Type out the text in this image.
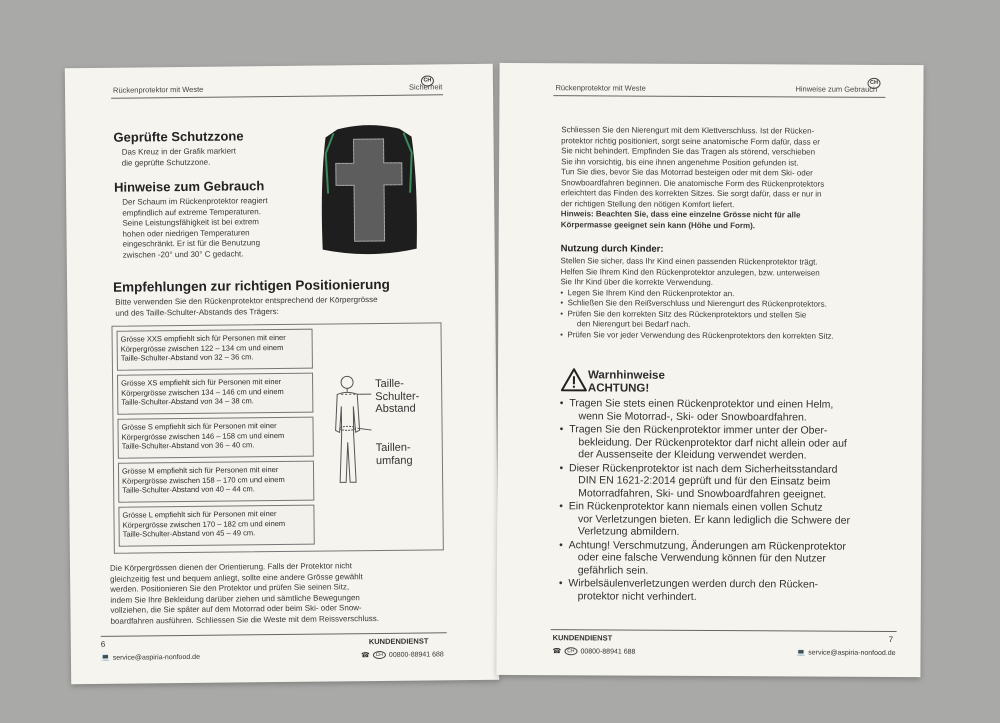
Rückenprotektor mit Weste	Sicherheit
CH
Geprüfte Schutzzone
Das Kreuz in der Grafik markiert
die geprüfte Schutzzone.
Hinweise zum Gebrauch
Der Schaum im Rückenprotektor reagiert
empfindlich auf extreme Temperaturen.
Seine Leistungsfähigkeit ist bei extrem
hohen oder niedrigen Temperaturen
eingeschränkt. Er ist für die Benutzung
zwischen -20° und 30° C gedacht.
Empfehlungen zur richtigen Positionierung
Bitte verwenden Sie den Rückenprotektor entsprechend der Körpergrösse
und des Taille-Schulter-Abstands des Trägers:
Grösse XXS empfiehlt sich für Personen mit einer
Körpergrösse zwischen 122 – 134 cm und einem
Taille-Schulter-Abstand von 32 – 36 cm.
Grösse XS empfiehlt sich für Personen mit einer
Körpergrösse zwischen 134 – 146 cm und einem
Taille-Schulter-Abstand von 34 – 38 cm.
Grösse S empfiehlt sich für Personen mit einer
Körpergrösse zwischen 146 – 158 cm und einem
Taille-Schulter-Abstand von 36 – 40 cm.
Grösse M empfiehlt sich für Personen mit einer
Körpergrösse zwischen 158 – 170 cm und einem
Taille-Schulter-Abstand von 40 – 44 cm.
Grösse L empfiehlt sich für Personen mit einer
Körpergrösse zwischen 170 – 182 cm und einem
Taille-Schulter-Abstand von 45 – 49 cm.
Taille-
Schulter-
Abstand
Taillen-
umfang
Die Körpergrössen dienen der Orientierung. Falls der Protektor nicht
gleichzeitig fest und bequem anliegt, sollte eine andere Grösse gewählt
werden. Positionieren Sie den Protektor und prüfen Sie seinen Sitz,
indem Sie Ihre Bekleidung darüber ziehen und sämtliche Bewegungen
vollziehen, die Sie später auf dem Motorrad oder beim Ski- oder Snow-
boardfahren ausführen. Schliessen Sie die Weste mit dem Reissverschluss.
6	KUNDENDIENST
💻 service@aspiria-nonfood.de	☎	CH 00800-88941 688
Rückenprotektor mit Weste	Hinweise zum Gebrauch
CH
Schliessen Sie den Nierengurt mit dem Klettverschluss. Ist der Rücken-
protektor richtig positioniert, sorgt seine anatomische Form dafür, dass er
Sie nicht behindert. Empfinden Sie das Tragen als störend, verschieben
Sie ihn vorsichtig, bis eine ihnen angenehme Position gefunden ist.
Tun Sie dies, bevor Sie das Motorrad besteigen oder mit dem Ski- oder
Snowboardfahren beginnen. Die anatomische Form des Rückenprotektors
erleichtert das Finden des korrekten Sitzes. Sie sorgt dafür, dass er nur in
der richtigen Stellung den nötigen Komfort liefert.
Hinweis: Beachten Sie, dass eine einzelne Grösse nicht für alle
Körpermasse geeignet sein kann (Höhe und Form).
Nutzung durch Kinder:
Stellen Sie sicher, dass Ihr Kind einen passenden Rückenprotektor trägt.
Helfen Sie Ihrem Kind den Rückenprotektor anzulegen, bzw. unterweisen
Sie Ihr Kind über die korrekte Verwendung.
•  Legen Sie Ihrem Kind den Rückenprotektor an.
•  Schließen Sie den Reißverschluss und Nierengurt des Rückenprotektors.
•  Prüfen Sie den korrekten Sitz des Rückenprotektors und stellen Sie
den Nierengurt bei Bedarf nach.
•  Prüfen Sie vor jeder Verwendung des Rückenprotektors den korrekten Sitz.
Warnhinweise
ACHTUNG!
•  Tragen Sie stets einen Rückenprotektor und einen Helm,
wenn Sie Motorrad-, Ski- oder Snowboardfahren.
•  Tragen Sie den Rückenprotektor immer unter der Ober-
bekleidung. Der Rückenprotektor darf nicht allein oder auf
der Aussenseite der Kleidung verwendet werden.
•  Dieser Rückenprotektor ist nach dem Sicherheitsstandard
DIN EN 1621-2:2014 geprüft und für den Einsatz beim
Motorradfahren, Ski- und Snowboardfahren geeignet.
•  Ein Rückenprotektor kann niemals einen vollen Schutz
vor Verletzungen bieten. Er kann lediglich die Schwere der
Verletzung abmildern.
•  Achtung! Verschmutzung, Änderungen am Rückenprotektor
oder eine falsche Verwendung können für den Nutzer
gefährlich sein.
•  Wirbelsäulenverletzungen werden durch den Rücken-
protektor nicht verhindert.
KUNDENDIENST	7
☎	CH 00800-88941 688	💻 service@aspiria-nonfood.de
